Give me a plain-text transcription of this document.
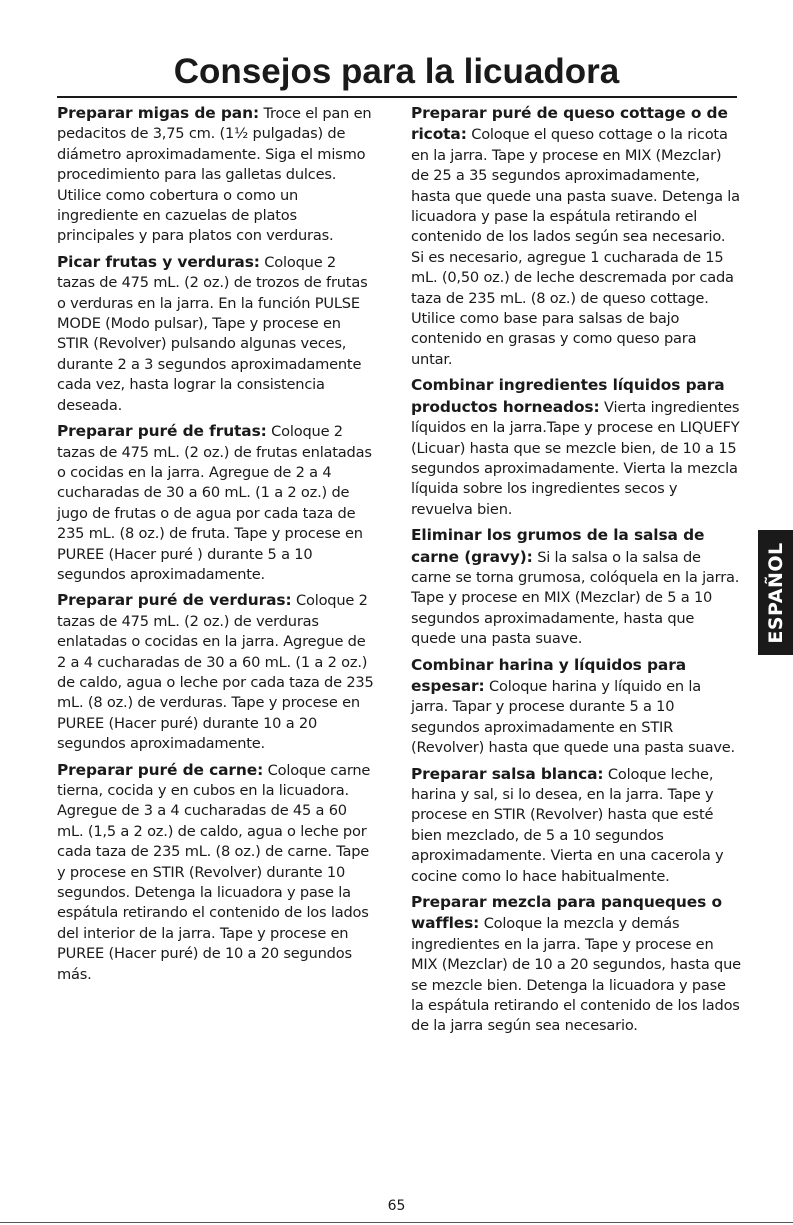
Consejos para la licuadora

Preparar migas de pan: Troce el pan en pedacitos de 3,75 cm. (1½ pulgadas) de diámetro aproximadamente. Siga el mismo procedimiento para las galletas dulces. Utilice como cobertura o como un ingrediente en cazuelas de platos principales y para platos con verduras.

Picar frutas y verduras: Coloque 2 tazas de 475 mL. (2 oz.) de trozos de frutas o verduras en la jarra. En la función PULSE MODE (Modo pulsar), Tape y procese en STIR (Revolver) pulsando algunas veces, durante 2 a 3 segundos aproximadamente cada vez, hasta lograr la consistencia deseada.

Preparar puré de frutas: Coloque 2 tazas de 475 mL. (2 oz.) de frutas enlatadas o cocidas en la jarra. Agregue de 2 a 4 cucharadas de 30 a 60 mL. (1 a 2 oz.) de jugo de frutas o de agua por cada taza de 235 mL. (8 oz.) de fruta. Tape y procese en PUREE (Hacer puré ) durante 5 a 10 segundos aproximadamente.

Preparar puré de verduras: Coloque 2 tazas de 475 mL. (2 oz.) de verduras enlatadas o cocidas en la jarra. Agregue de 2 a 4 cucharadas de 30 a 60 mL. (1 a 2 oz.) de caldo, agua o leche por cada taza de 235 mL. (8 oz.) de verduras. Tape y procese en PUREE (Hacer puré) durante 10 a 20 segundos aproximadamente.

Preparar puré de carne: Coloque carne tierna, cocida y en cubos en la licuadora. Agregue de 3 a 4 cucharadas de 45 a 60 mL. (1,5 a 2 oz.) de caldo, agua o leche por cada taza de 235 mL. (8 oz.) de carne. Tape y procese en STIR (Revolver) durante 10 segundos. Detenga la licuadora y pase la espátula retirando el contenido de los lados del interior de la jarra. Tape y procese en PUREE (Hacer puré) de 10 a 20 segundos más.

Preparar puré de queso cottage o de ricota: Coloque el queso cottage o la ricota en la jarra. Tape y procese en MIX (Mezclar) de 25 a 35 segundos aproximadamente, hasta que quede una pasta suave. Detenga la licuadora y pase la espátula retirando el contenido de los lados según sea necesario. Si es necesario, agregue 1 cucharada de 15 mL. (0,50 oz.) de leche descremada por cada taza de 235 mL. (8 oz.) de queso cottage. Utilice como base para salsas de bajo contenido en grasas y como queso para untar.

Combinar ingredientes líquidos para productos horneados: Vierta ingredientes líquidos en la jarra.Tape y procese en LIQUEFY (Licuar) hasta que se mezcle bien, de 10 a 15 segundos aproximadamente. Vierta la mezcla líquida sobre los ingredientes secos y revuelva bien.

Eliminar los grumos de la salsa de carne (gravy): Si la salsa o la salsa de carne se torna grumosa, colóquela en la jarra. Tape y procese en MIX (Mezclar) de 5 a 10 segundos aproximadamente, hasta que quede una pasta suave.

Combinar harina y líquidos para espesar: Coloque harina y líquido en la jarra. Tapar y procese durante 5 a 10 segundos aproximadamente en STIR (Revolver) hasta que quede una pasta suave.

Preparar salsa blanca: Coloque leche, harina y sal, si lo desea, en la jarra. Tape y procese en STIR (Revolver) hasta que esté bien mezclado, de 5 a 10 segundos aproximadamente. Vierta en una cacerola y cocine como lo hace habitualmente.

Preparar mezcla para panqueques o waffles: Coloque la mezcla y demás ingredientes en la jarra. Tape y procese en MIX (Mezclar) de 10 a 20 segundos, hasta que se mezcle bien. Detenga la licuadora y pase la espátula retirando el contenido de los lados de la jarra según sea necesario.

ESPAÑOL
65
